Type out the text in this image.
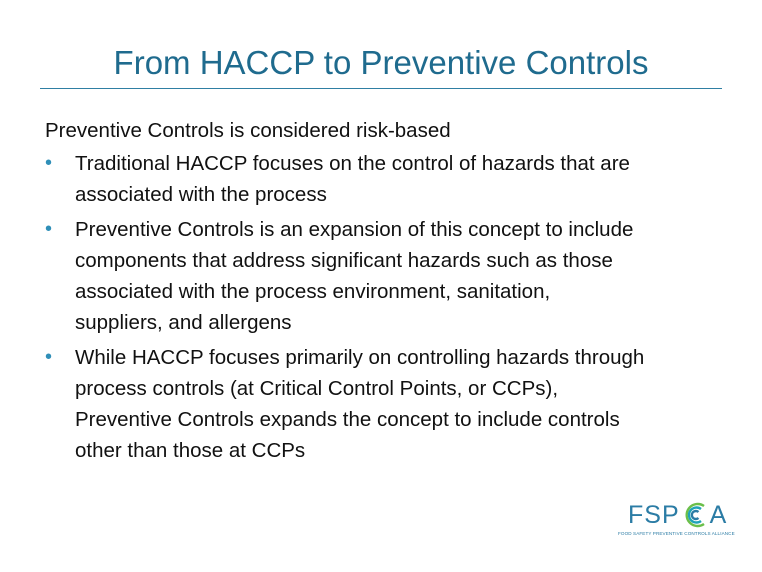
From HACCP to Preventive Controls
Preventive Controls is considered risk-based
• Traditional HACCP focuses on the control of hazards that are
associated with the process
• Preventive Controls is an expansion of this concept to include
components that address significant hazards such as those
associated with the process environment, sanitation,
suppliers, and allergens
• While HACCP focuses primarily on controlling hazards through
process controls (at Critical Control Points, or CCPs),
Preventive Controls expands the concept to include controls
other than those at CCPs
FSP A
FOOD SAFETY PREVENTIVE CONTROLS ALLIANCE
